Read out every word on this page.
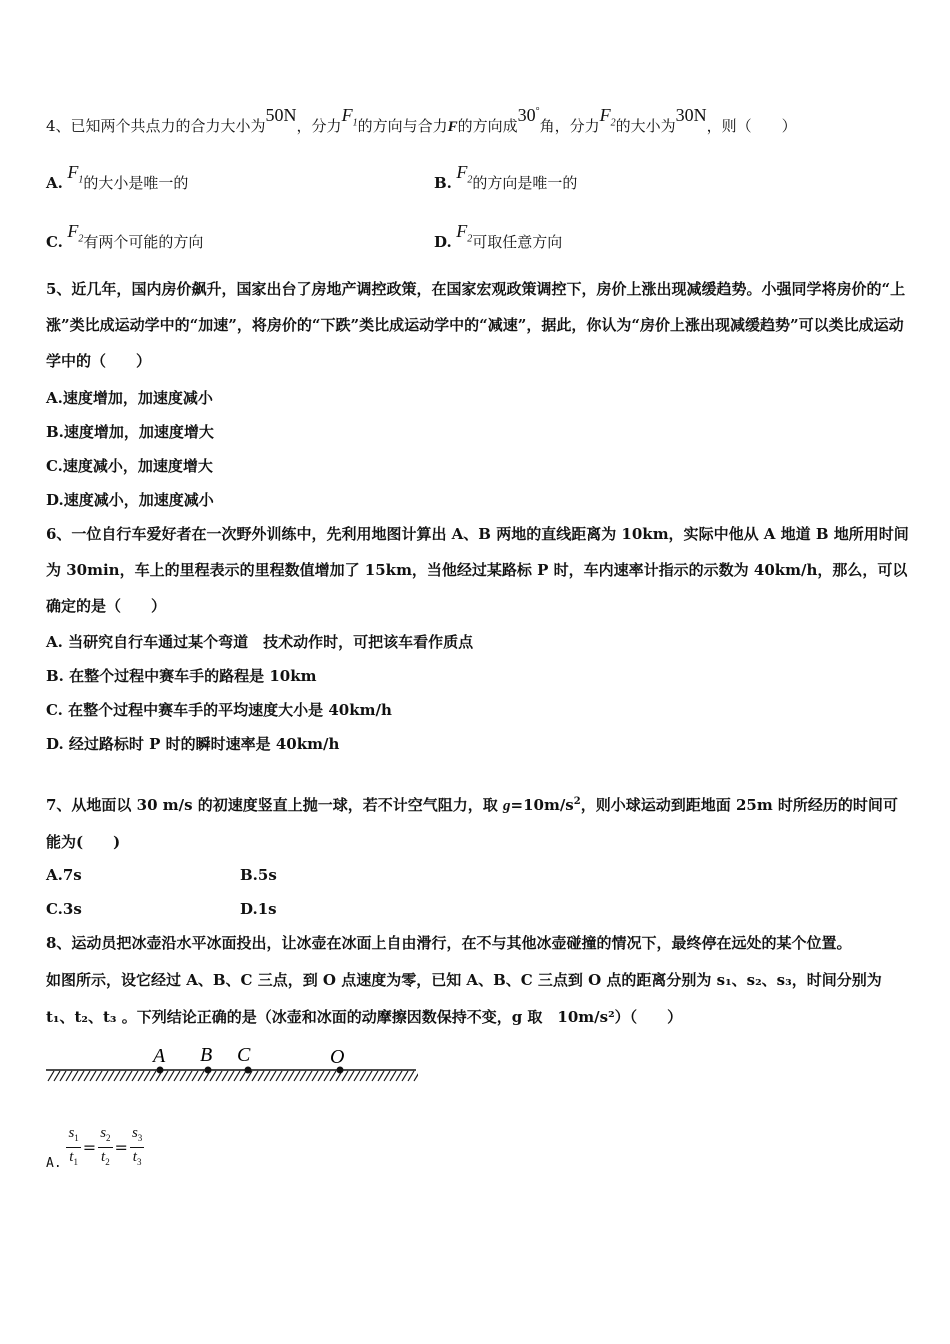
4、已知两个共点力的合力大小为50N，分力$F_1$的方向与合力F的方向成30°角，分力$F_2$的大小为30N，则（　　）
A. $F_1$的大小是唯一的	B. $F_2$的方向是唯一的
C. $F_2$有两个可能的方向	D. $F_2$可取任意方向
5、近几年，国内房价飙升，国家出台了房地产调控政策，在国家宏观政策调控下，房价上涨出现减缓趋势。小强同学将房价的“上涨”类比成运动学中的“加速”，将房价的“下跌”类比成运动学中的“减速”，据此，你认为“房价上涨出现减缓趋势”可以类比成运动学中的（　　）
A.速度增加，加速度减小
B.速度增加，加速度增大
C.速度减小，加速度增大
D.速度减小，加速度减小
6、一位自行车爱好者在一次野外训练中，先利用地图计算出 A、B 两地的直线距离为 10km，实际中他从 A 地道 B 地所用时间为 30min，车上的里程表示的里程数值增加了 15km，当他经过某路标 P 时，车内速率计指示的示数为 40km/h，那么，可以确定的是（　　）
A. 当研究自行车通过某个弯道　技术动作时，可把该车看作质点
B. 在整个过程中赛车手的路程是 10km
C. 在整个过程中赛车手的平均速度大小是 40km/h
D. 经过路标时 P 时的瞬时速率是 40km/h
7、从地面以 30 m/s 的初速度竖直上抛一球，若不计空气阻力，取 $g=10m/s^2$，则小球运动到距地面 25m 时所经历的时间可能为(　　)
A.7s	B.5s
C.3s	D.1s
8、运动员把冰壶沿水平冰面投出，让冰壶在冰面上自由滑行，在不与其他冰壶碰撞的情况下，最终停在远处的某个位置。
如图所示，设它经过 A、B、C 三点，到 O 点速度为零，已知 A、B、C 三点到 O 点的距离分别为 s₁、s₂、s₃，时间分别为
t₁、t₂、t₃ 。下列结论正确的是（冰壶和冰面的动摩擦因数保持不变，g 取　10m/s²）（　　）
A B C	O
A. $\frac{s_1}{t_1} = \frac{s_2}{t_2} = \frac{s_3}{t_3}$
